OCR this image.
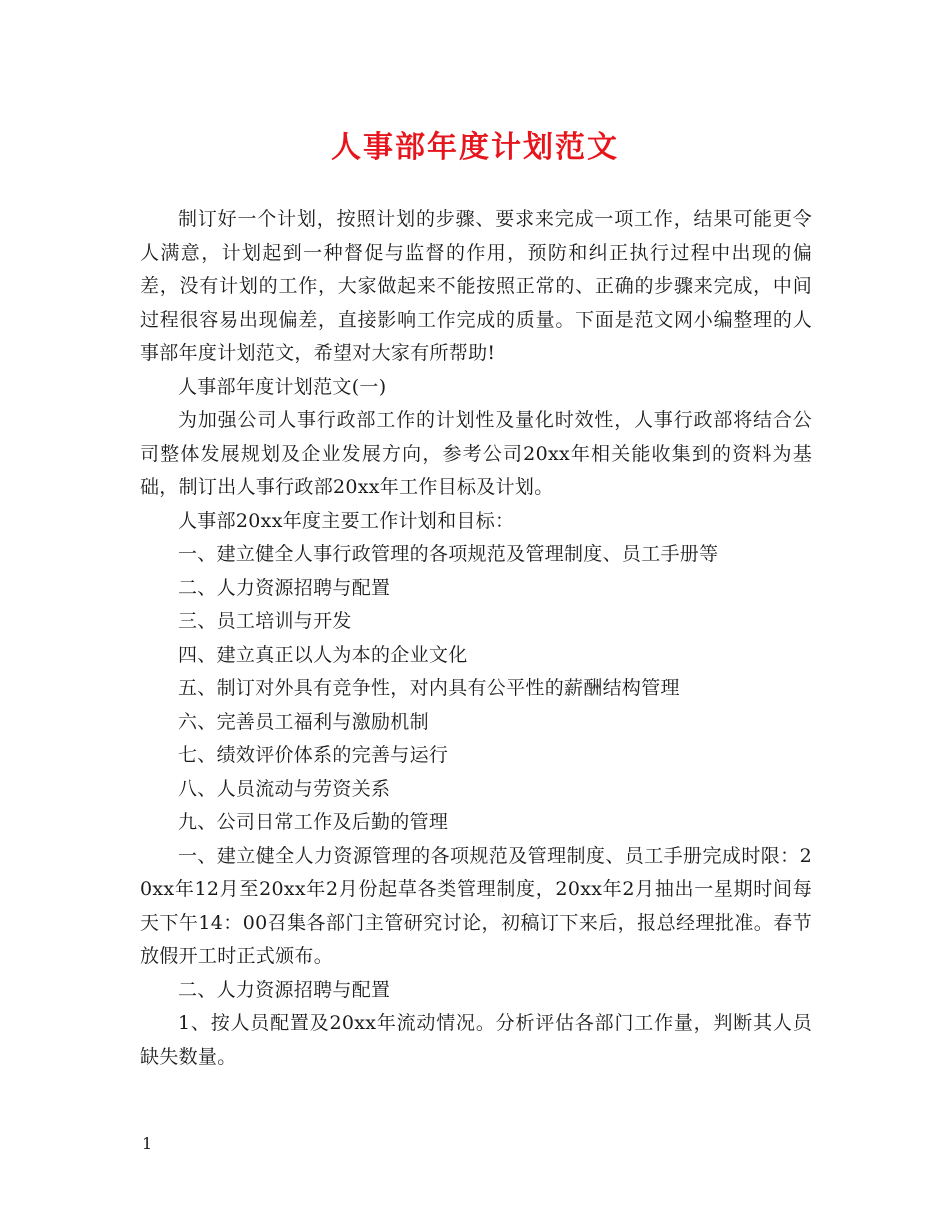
人事部年度计划范文

制订好一个计划，按照计划的步骤、要求来完成一项工作，结果可能更令人满意，计划起到一种督促与监督的作用，预防和纠正执行过程中出现的偏差，没有计划的工作，大家做起来不能按照正常的、正确的步骤来完成，中间过程很容易出现偏差，直接影响工作完成的质量。下面是范文网小编整理的人事部年度计划范文，希望对大家有所帮助!

人事部年度计划范文(一)

为加强公司人事行政部工作的计划性及量化时效性，人事行政部将结合公司整体发展规划及企业发展方向，参考公司20xx年相关能收集到的资料为基础，制订出人事行政部20xx年工作目标及计划。

人事部20xx年度主要工作计划和目标：

一、建立健全人事行政管理的各项规范及管理制度、员工手册等

二、人力资源招聘与配置

三、员工培训与开发

四、建立真正以人为本的企业文化

五、制订对外具有竞争性，对内具有公平性的薪酬结构管理

六、完善员工福利与激励机制

七、绩效评价体系的完善与运行

八、人员流动与劳资关系

九、公司日常工作及后勤的管理

一、建立健全人力资源管理的各项规范及管理制度、员工手册完成时限：20xx年12月至20xx年2月份起草各类管理制度，20xx年2月抽出一星期时间每天下午14：00召集各部门主管研究讨论，初稿订下来后，报总经理批准。春节放假开工时正式颁布。

二、人力资源招聘与配置

1、按人员配置及20xx年流动情况。分析评估各部门工作量，判断其人员缺失数量。

1
